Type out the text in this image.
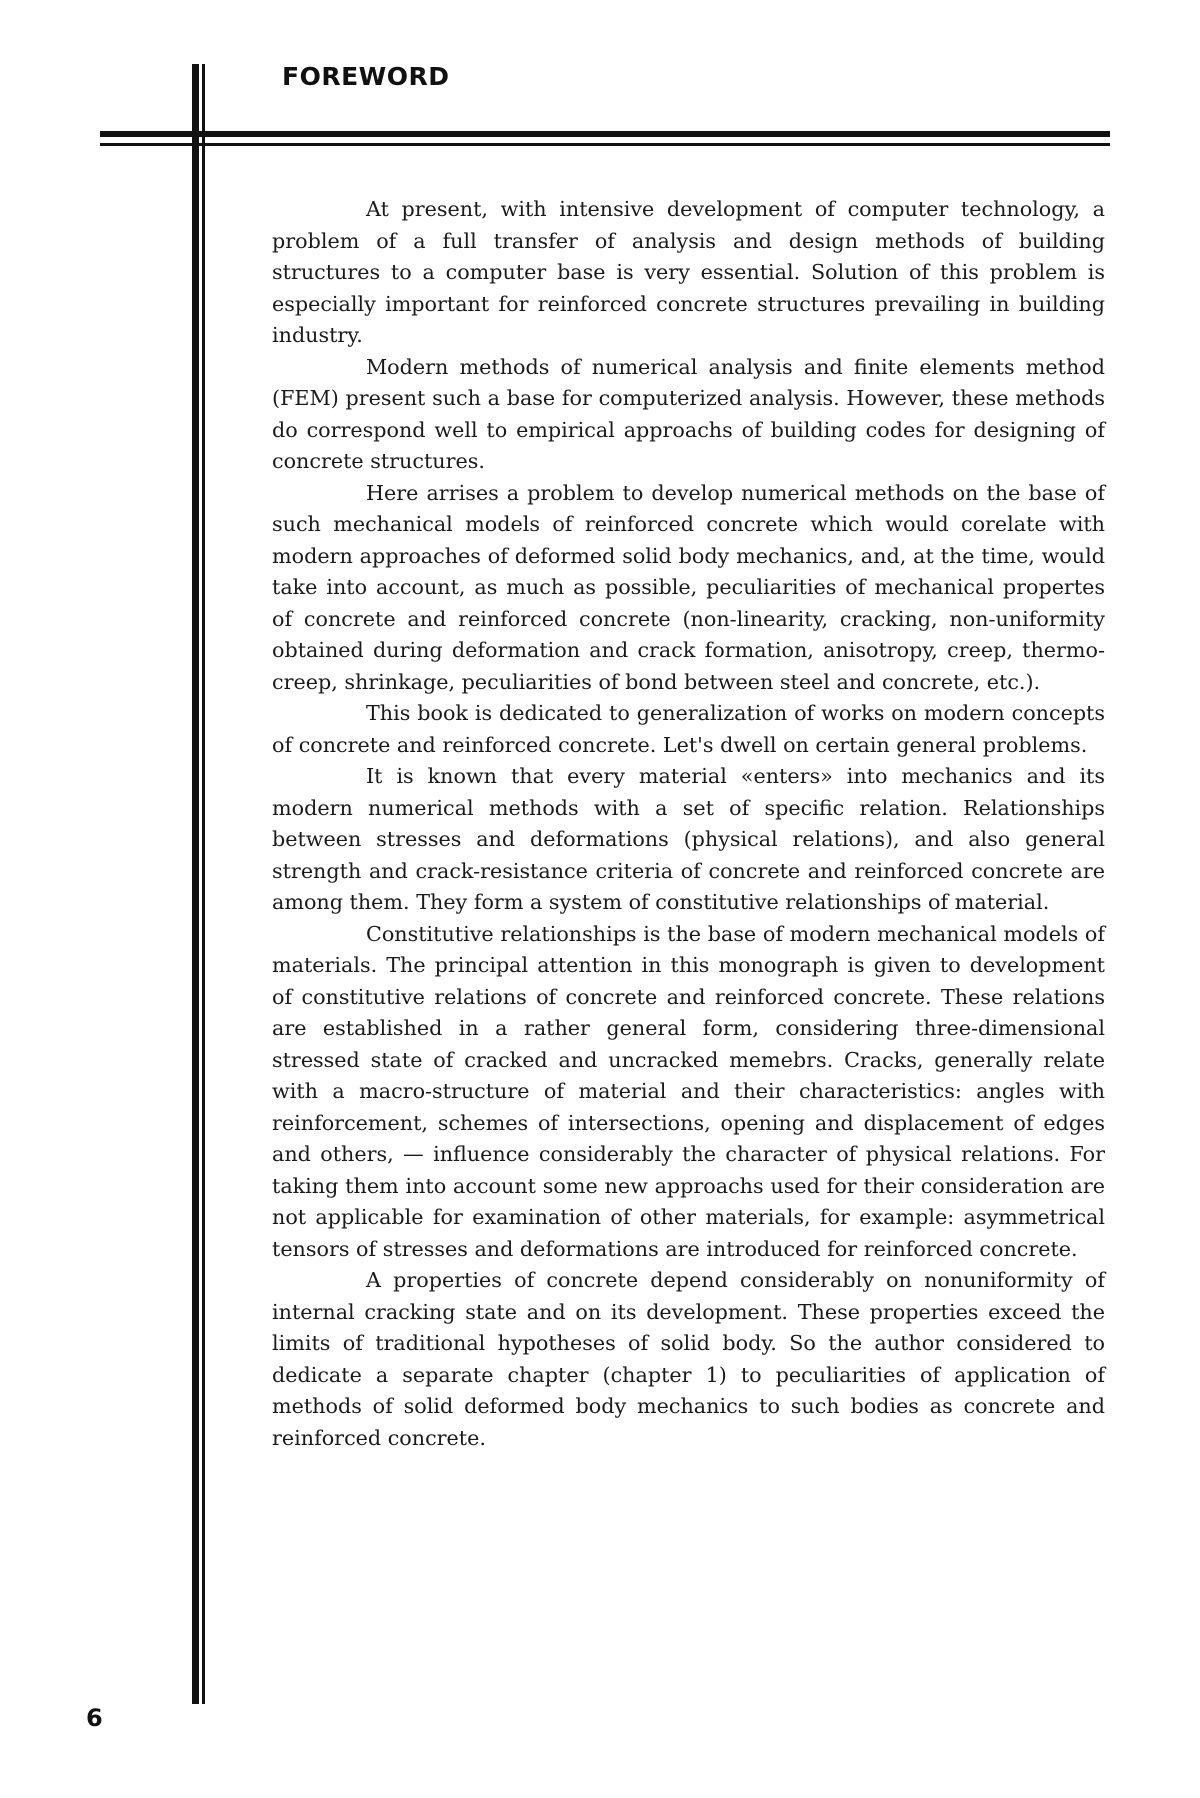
FOREWORD

At present, with intensive development of computer technology, a problem of a full transfer of analysis and design methods of building structures to a computer base is very essential. Solution of this problem is especially important for reinforced concrete structures prevailing in building industry.

Modern methods of numerical analysis and finite elements method (FEM) present such a base for computerized analysis. However, these methods do correspond well to empirical approachs of building codes for designing of concrete structures.

Here arrises a problem to develop numerical methods on the base of such mechanical models of reinforced concrete which would corelate with modern approaches of deformed solid body mechanics, and, at the time, would take into account, as much as possible, peculiarities of mechanical propertes of concrete and reinforced concrete (non-linearity, cracking, non-uniformity obtained during deformation and crack formation, anisotropy, creep, thermo-creep, shrinkage, peculiarities of bond between steel and concrete, etc.).

This book is dedicated to generalization of works on modern concepts of concrete and reinforced concrete. Let's dwell on certain general problems.

It is known that every material «enters» into mechanics and its modern numerical methods with a set of specific relation. Relationships between stresses and deformations (physical relations), and also general strength and crack-resistance criteria of concrete and reinforced concrete are among them. They form a system of constitutive relationships of material.

Constitutive relationships is the base of modern mechanical models of materials. The principal attention in this monograph is given to development of constitutive relations of concrete and reinforced concrete. These relations are established in a rather general form, considering three-dimensional stressed state of cracked and uncracked memebrs. Cracks, generally relate with a macro-structure of material and their characteristics: angles with reinforcement, schemes of intersections, opening and displacement of edges and others, — influence considerably the character of physical relations. For taking them into account some new approachs used for their consideration are not applicable for examination of other materials, for example: asymmetrical tensors of stresses and deformations are introduced for reinforced concrete.

A properties of concrete depend considerably on nonuniformity of internal cracking state and on its development. These properties exceed the limits of traditional hypotheses of solid body. So the author considered to dedicate a separate chapter (chapter 1) to peculiarities of application of methods of solid deformed body mechanics to such bodies as concrete and reinforced concrete.

6
